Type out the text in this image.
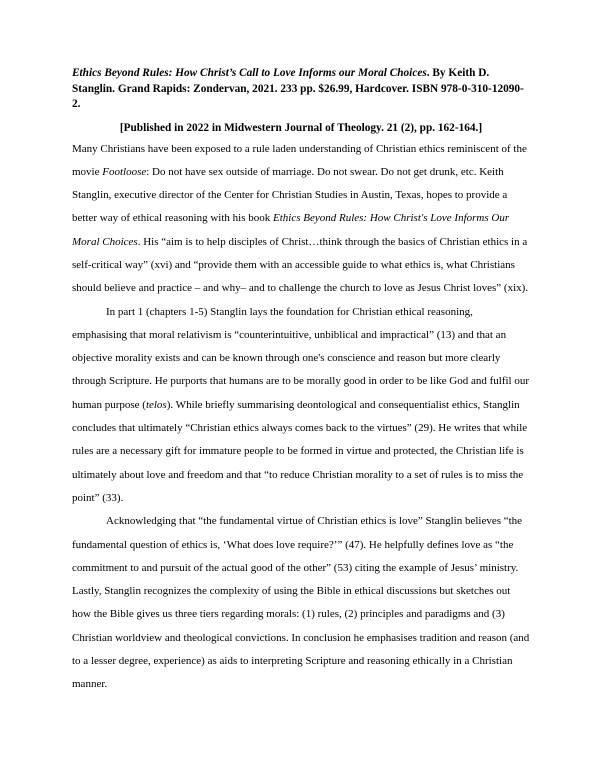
Ethics Beyond Rules: How Christ’s Call to Love Informs our Moral Choices. By Keith D. Stanglin. Grand Rapids: Zondervan, 2021. 233 pp. $26.99, Hardcover. ISBN 978-0-310-12090-2.

[Published in 2022 in Midwestern Journal of Theology. 21 (2), pp. 162-164.]

Many Christians have been exposed to a rule laden understanding of Christian ethics reminiscent of the movie Footloose: Do not have sex outside of marriage. Do not swear. Do not get drunk, etc. Keith Stanglin, executive director of the Center for Christian Studies in Austin, Texas, hopes to provide a better way of ethical reasoning with his book Ethics Beyond Rules: How Christ's Love Informs Our Moral Choices. His “aim is to help disciples of Christ…think through the basics of Christian ethics in a self-critical way” (xvi) and “provide them with an accessible guide to what ethics is, what Christians should believe and practice – and why– and to challenge the church to love as Jesus Christ loves” (xix).

In part 1 (chapters 1-5) Stanglin lays the foundation for Christian ethical reasoning, emphasising that moral relativism is “counterintuitive, unbiblical and impractical” (13) and that an objective morality exists and can be known through one's conscience and reason but more clearly through Scripture. He purports that humans are to be morally good in order to be like God and fulfil our human purpose (telos). While briefly summarising deontological and consequentialist ethics, Stanglin concludes that ultimately “Christian ethics always comes back to the virtues” (29). He writes that while rules are a necessary gift for immature people to be formed in virtue and protected, the Christian life is ultimately about love and freedom and that “to reduce Christian morality to a set of rules is to miss the point” (33).

Acknowledging that “the fundamental virtue of Christian ethics is love” Stanglin believes “the fundamental question of ethics is, ‘What does love require?’” (47). He helpfully defines love as “the commitment to and pursuit of the actual good of the other” (53) citing the example of Jesus’ ministry. Lastly, Stanglin recognizes the complexity of using the Bible in ethical discussions but sketches out how the Bible gives us three tiers regarding morals: (1) rules, (2) principles and paradigms and (3) Christian worldview and theological convictions. In conclusion he emphasises tradition and reason (and to a lesser degree, experience) as aids to interpreting Scripture and reasoning ethically in a Christian manner.
